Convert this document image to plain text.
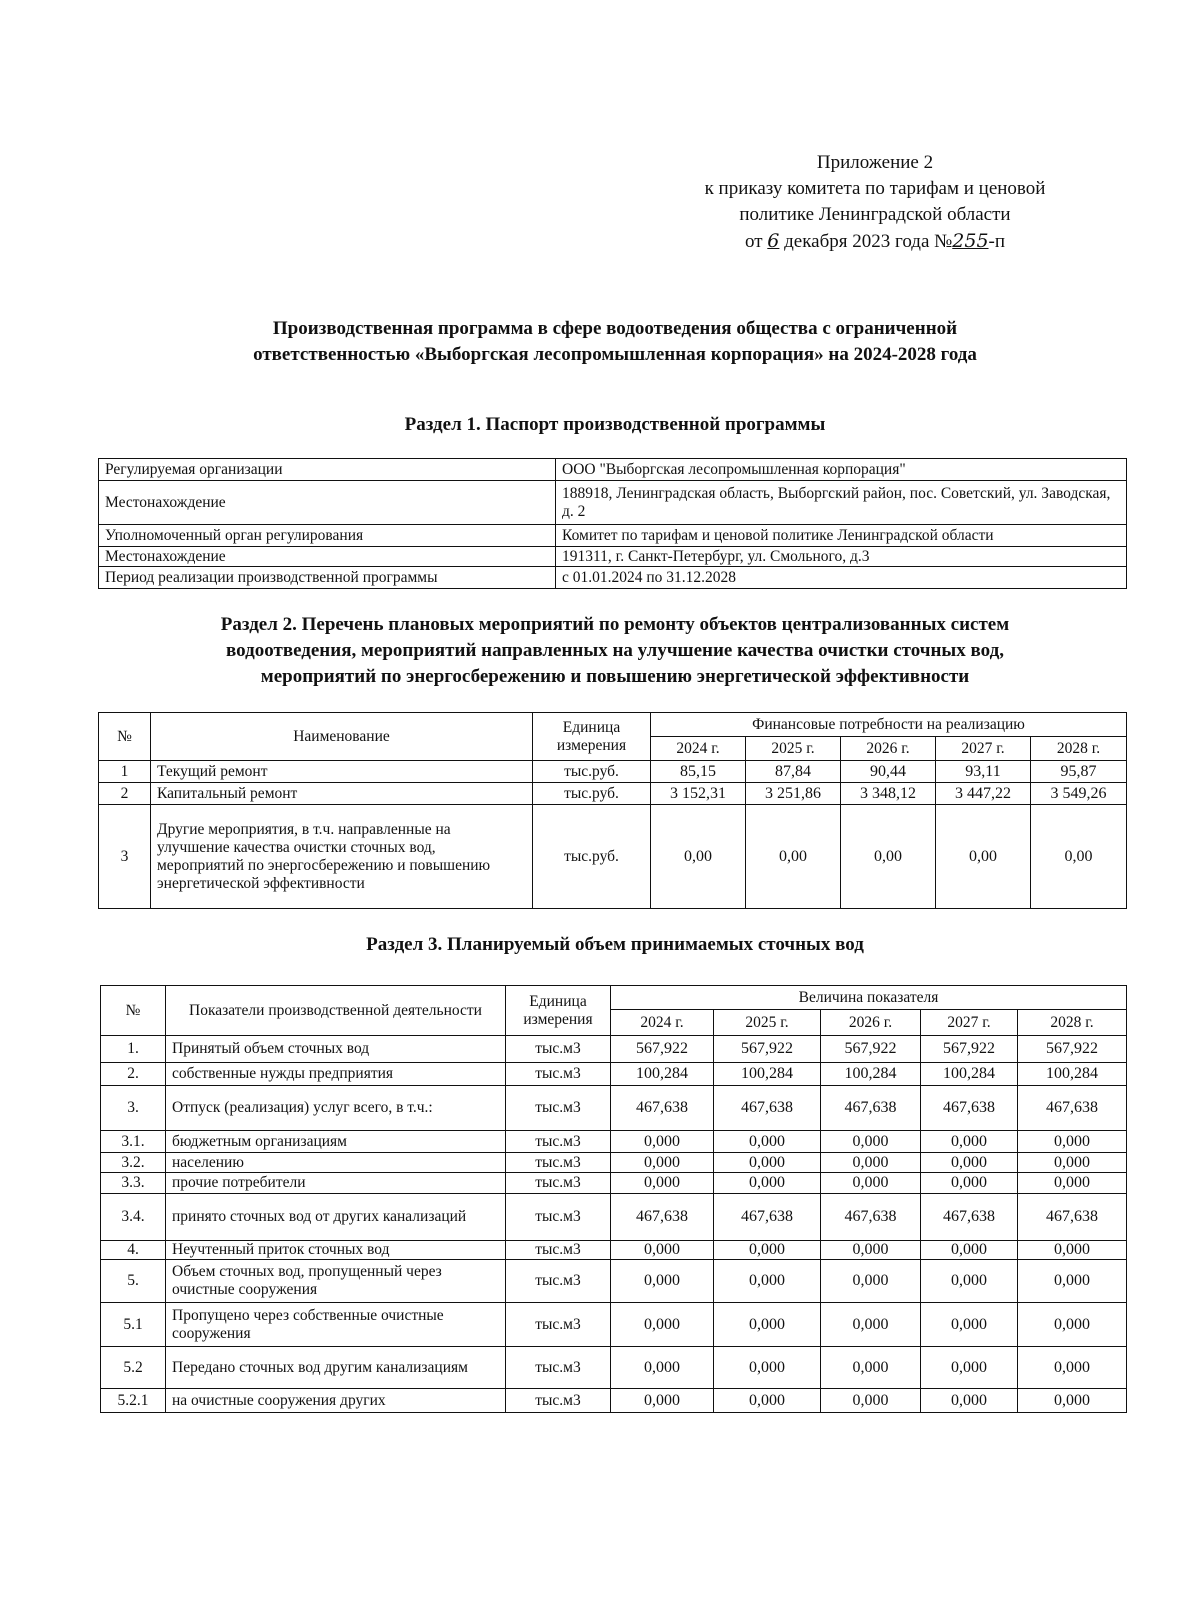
Приложение 2
к приказу комитета по тарифам и ценовой
политике Ленинградской области
от 6 декабря 2023 года №255-п
Производственная программа в сфере водоотведения общества с ограниченной
ответственностью «Выборгская лесопромышленная корпорация» на 2024-2028 года
Раздел 1. Паспорт производственной программы
Регулируемая организации	ООО "Выборгская лесопромышленная корпорация"
Местонахождение	188918, Ленинградская область, Выборгский район, пос. Советский, ул. Заводская, д. 2
Уполномоченный орган регулирования	Комитет по тарифам и ценовой политике Ленинградской области
Местонахождение	191311, г. Санкт-Петербург, ул. Смольного, д.3
Период реализации производственной программы	с 01.01.2024 по 31.12.2028
Раздел 2. Перечень плановых мероприятий по ремонту объектов централизованных систем
водоотведения, мероприятий направленных на улучшение качества очистки сточных вод,
мероприятий по энергосбережению и повышению энергетической эффективности
№	Наименование	Единица измерения	Финансовые потребности на реализацию				
			2024 г.	2025 г.	2026 г.	2027 г.	2028 г.
1	Текущий ремонт	тыс.руб.	85,15	87,84	90,44	93,11	95,87
2	Капитальный ремонт	тыс.руб.	3 152,31	3 251,86	3 348,12	3 447,22	3 549,26
3	Другие мероприятия, в т.ч. направленные на улучшение качества очистки сточных вод, мероприятий по энергосбережению и повышению энергетической эффективности	тыс.руб.	0,00	0,00	0,00	0,00	0,00
Раздел 3. Планируемый объем принимаемых сточных вод
№	Показатели производственной деятельности	Единица измерения	Величина показателя				
			2024 г.	2025 г.	2026 г.	2027 г.	2028 г.
1.	Принятый объем сточных вод	тыс.м3	567,922	567,922	567,922	567,922	567,922
2.	собственные нужды предприятия	тыс.м3	100,284	100,284	100,284	100,284	100,284
3.	Отпуск (реализация) услуг всего, в т.ч.:	тыс.м3	467,638	467,638	467,638	467,638	467,638
3.1.	бюджетным организациям	тыс.м3	0,000	0,000	0,000	0,000	0,000
3.2.	населению	тыс.м3	0,000	0,000	0,000	0,000	0,000
3.3.	прочие потребители	тыс.м3	0,000	0,000	0,000	0,000	0,000
3.4.	принято сточных вод от других канализаций	тыс.м3	467,638	467,638	467,638	467,638	467,638
4.	Неучтенный приток сточных вод	тыс.м3	0,000	0,000	0,000	0,000	0,000
5.	Объем сточных вод, пропущенный через очистные сооружения	тыс.м3	0,000	0,000	0,000	0,000	0,000
5.1	Пропущено через собственные очистные сооружения	тыс.м3	0,000	0,000	0,000	0,000	0,000
5.2	Передано сточных вод другим канализациям	тыс.м3	0,000	0,000	0,000	0,000	0,000
5.2.1	на очистные сооружения других	тыс.м3	0,000	0,000	0,000	0,000	0,000
